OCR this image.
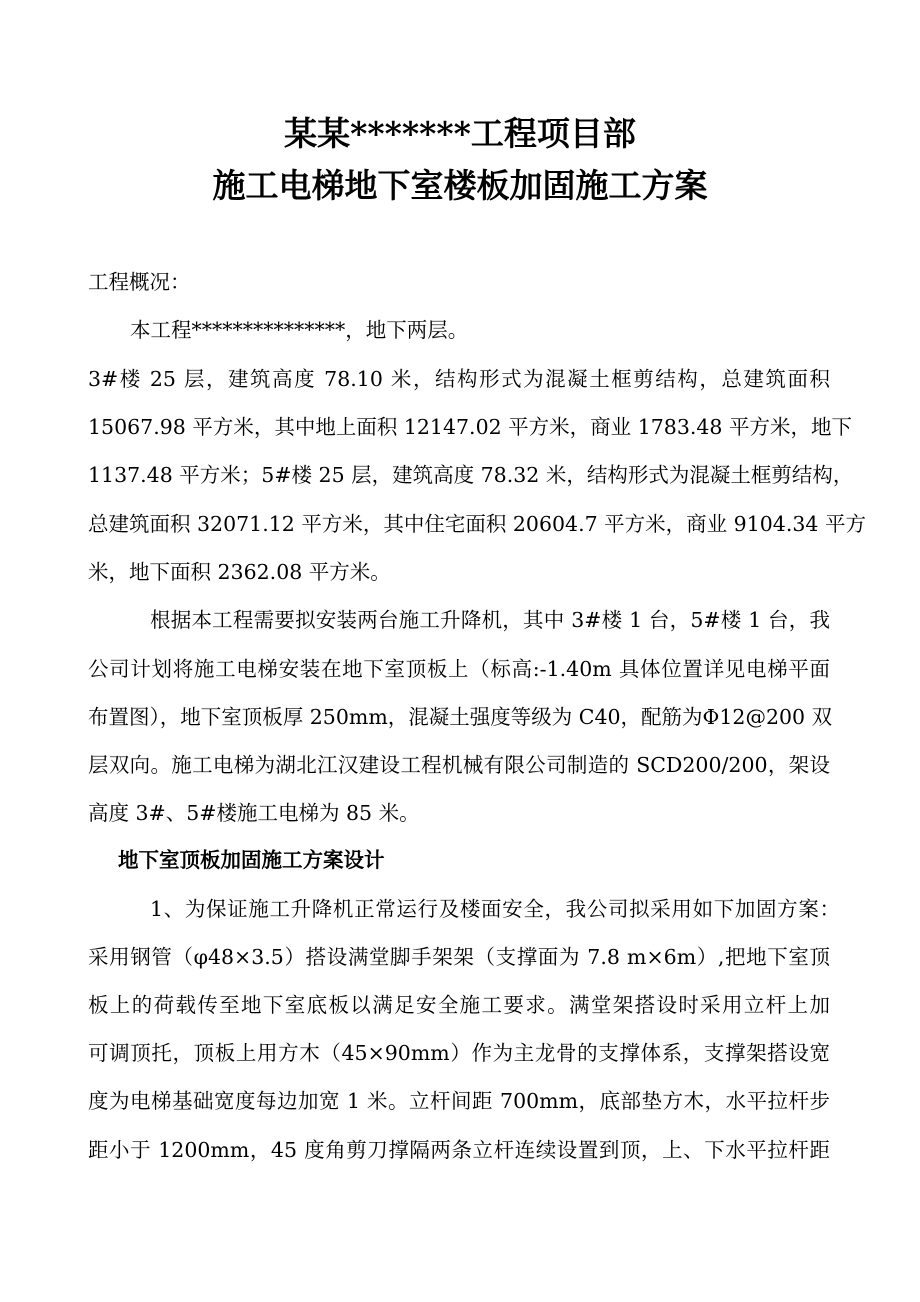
某某*******工程项目部
施工电梯地下室楼板加固施工方案
工程概况：
本工程***************，地下两层。
3#楼 25 层，建筑高度 78.10 米，结构形式为混凝土框剪结构，总建筑面积
15067.98 平方米，其中地上面积 12147.02 平方米，商业 1783.48 平方米，地下
1137.48 平方米；5#楼 25 层，建筑高度 78.32 米，结构形式为混凝土框剪结构，
总建筑面积 32071.12 平方米，其中住宅面积 20604.7 平方米，商业 9104.34 平方
米，地下面积 2362.08 平方米。
根据本工程需要拟安装两台施工升降机，其中 3#楼 1 台，5#楼 1 台，我
公司计划将施工电梯安装在地下室顶板上（标高:-1.40m 具体位置详见电梯平面
布置图），地下室顶板厚 250mm，混凝土强度等级为 C40，配筋为Φ12@200 双
层双向。施工电梯为湖北江汉建设工程机械有限公司制造的 SCD200/200，架设
高度 3#、5#楼施工电梯为 85 米。
地下室顶板加固施工方案设计
1、为保证施工升降机正常运行及楼面安全，我公司拟采用如下加固方案：
采用钢管（φ48×3.5）搭设满堂脚手架架（支撑面为 7.8 m×6m）,把地下室顶
板上的荷载传至地下室底板以满足安全施工要求。满堂架搭设时采用立杆上加
可调顶托，顶板上用方木（45×90mm）作为主龙骨的支撑体系，支撑架搭设宽
度为电梯基础宽度每边加宽 1 米。立杆间距 700mm，底部垫方木，水平拉杆步
距小于 1200mm，45 度角剪刀撑隔两条立杆连续设置到顶，上、下水平拉杆距
